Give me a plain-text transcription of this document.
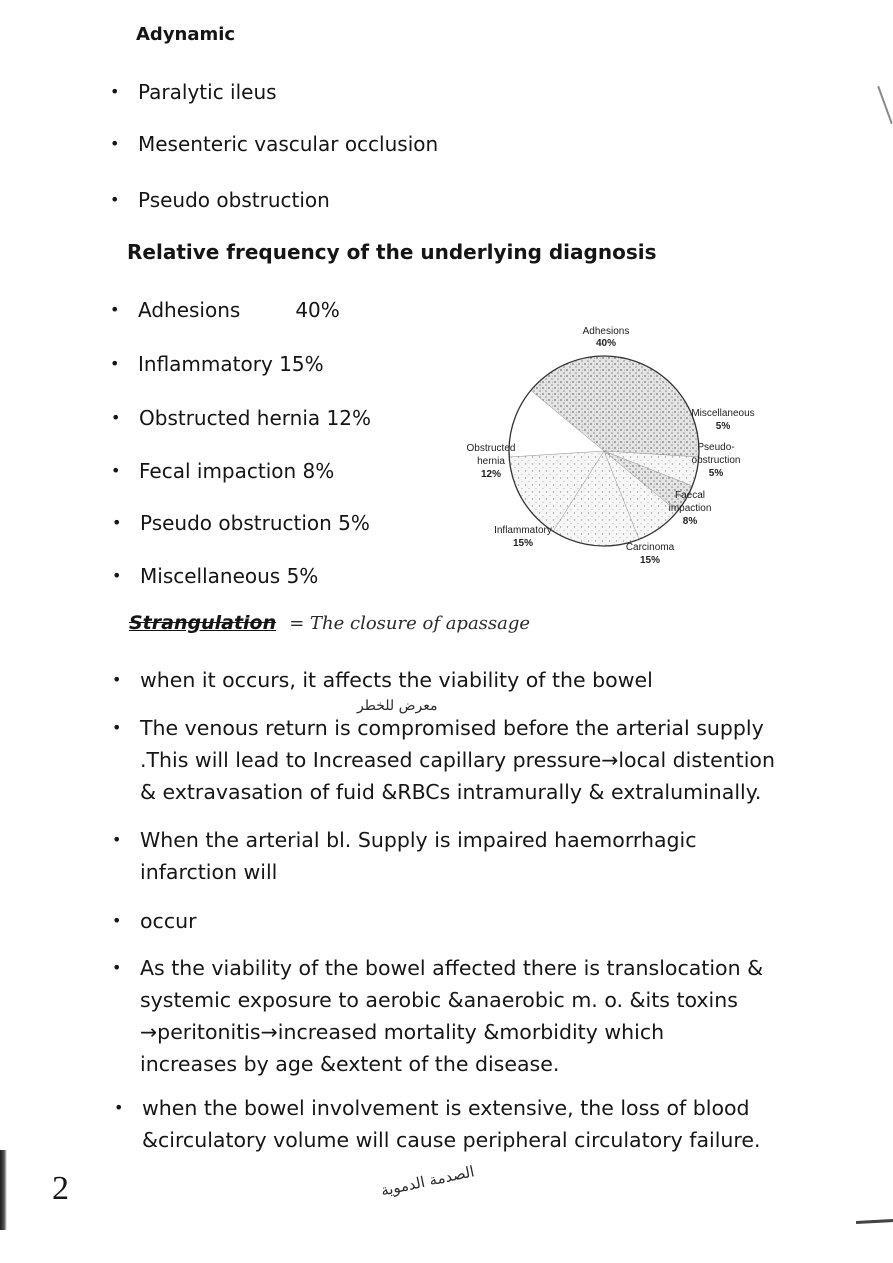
Adynamic
• Paralytic ileus
• Mesenteric vascular occlusion
• Pseudo obstruction
Relative frequency of the underlying diagnosis
• Adhesions	40%
• Inflammatory 15%
• Obstructed hernia 12%
• Fecal impaction 8%
• Pseudo obstruction 5%
• Miscellaneous 5%
Adhesions
40%
Miscellaneous
5%
Pseudo-
obstruction
5%
Faecal
impaction
8%
Carcinoma
15%
Inflammatory
15%
Obstructed
hernia
12%
Strangulation = The closure of apassage
معرض للخطر
• when it occurs, it affects the viability of the bowel
• The venous return is compromised before the arterial supply
.This will lead to Increased capillary pressure→local distention
& extravasation of fuid &RBCs intramurally & extraluminally.
• When the arterial bl. Supply is impaired haemorrhagic
infarction will
• occur
• As the viability of the bowel affected there is translocation &
systemic exposure to aerobic &anaerobic m. o. &its toxins
→peritonitis→increased mortality &morbidity which
increases by age &extent of the disease.
• when the bowel involvement is extensive, the loss of blood
&circulatory volume will cause peripheral circulatory failure.
2	الصدمة الدموية
